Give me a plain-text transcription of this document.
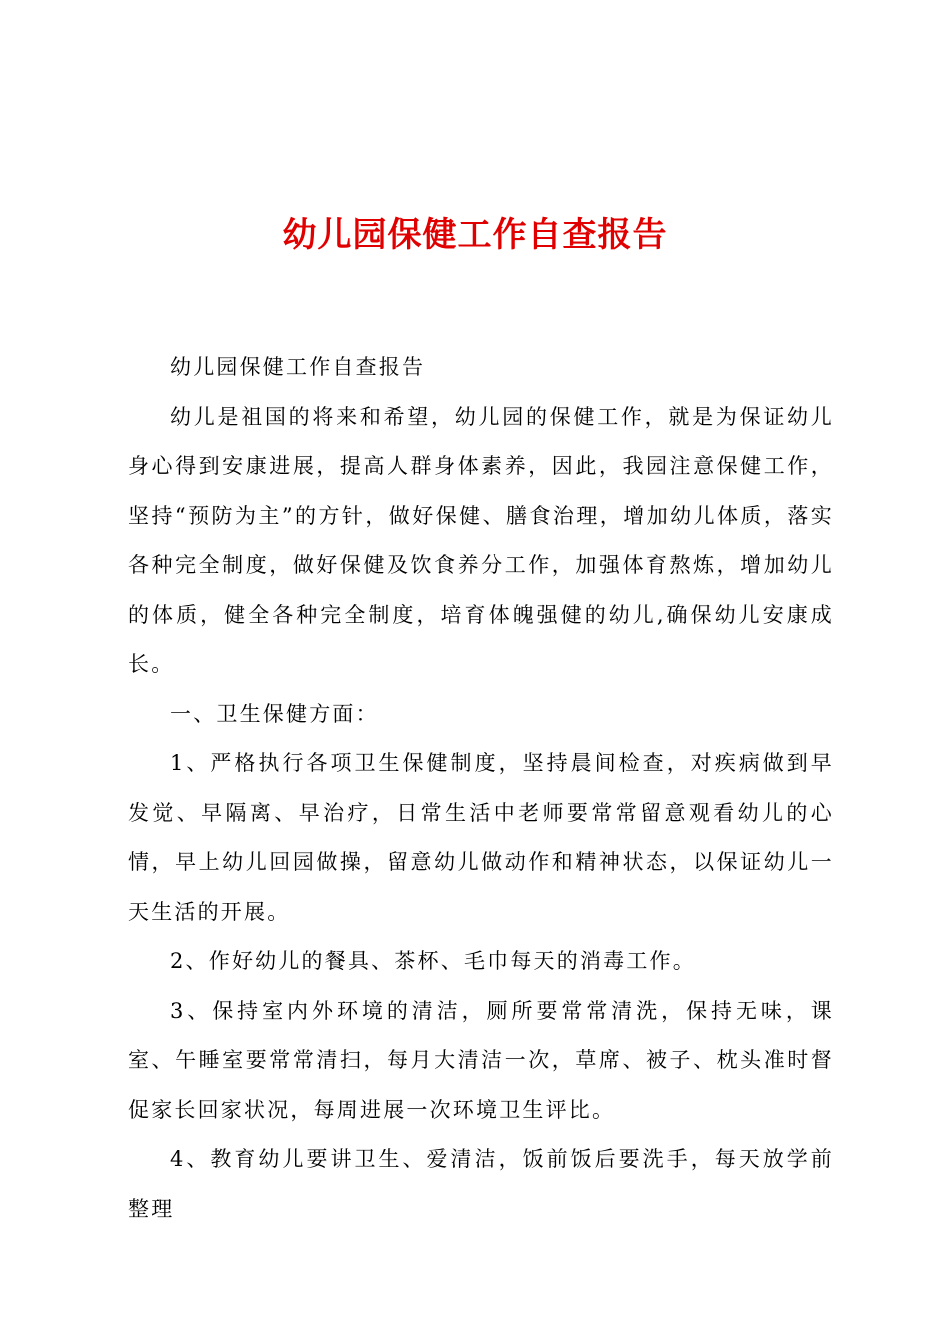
幼儿园保健工作自查报告

幼儿园保健工作自查报告

幼儿是祖国的将来和希望，幼儿园的保健工作，就是为保证幼儿身心得到安康进展，提高人群身体素养，因此，我园注意保健工作，坚持“预防为主”的方针，做好保健、膳食治理，增加幼儿体质，落实各种完全制度，做好保健及饮食养分工作，加强体育熬炼，增加幼儿的体质，健全各种完全制度，培育体魄强健的幼儿,确保幼儿安康成长。

一、卫生保健方面：

1、严格执行各项卫生保健制度，坚持晨间检查，对疾病做到早发觉、早隔离、早治疗，日常生活中老师要常常留意观看幼儿的心情，早上幼儿回园做操，留意幼儿做动作和精神状态，以保证幼儿一天生活的开展。

2、作好幼儿的餐具、茶杯、毛巾每天的消毒工作。

3、保持室内外环境的清洁，厕所要常常清洗，保持无味，课室、午睡室要常常清扫，每月大清洁一次，草席、被子、枕头准时督促家长回家状况，每周进展一次环境卫生评比。

4、教育幼儿要讲卫生、爱清洁，饭前饭后要洗手，每天放学前整理
